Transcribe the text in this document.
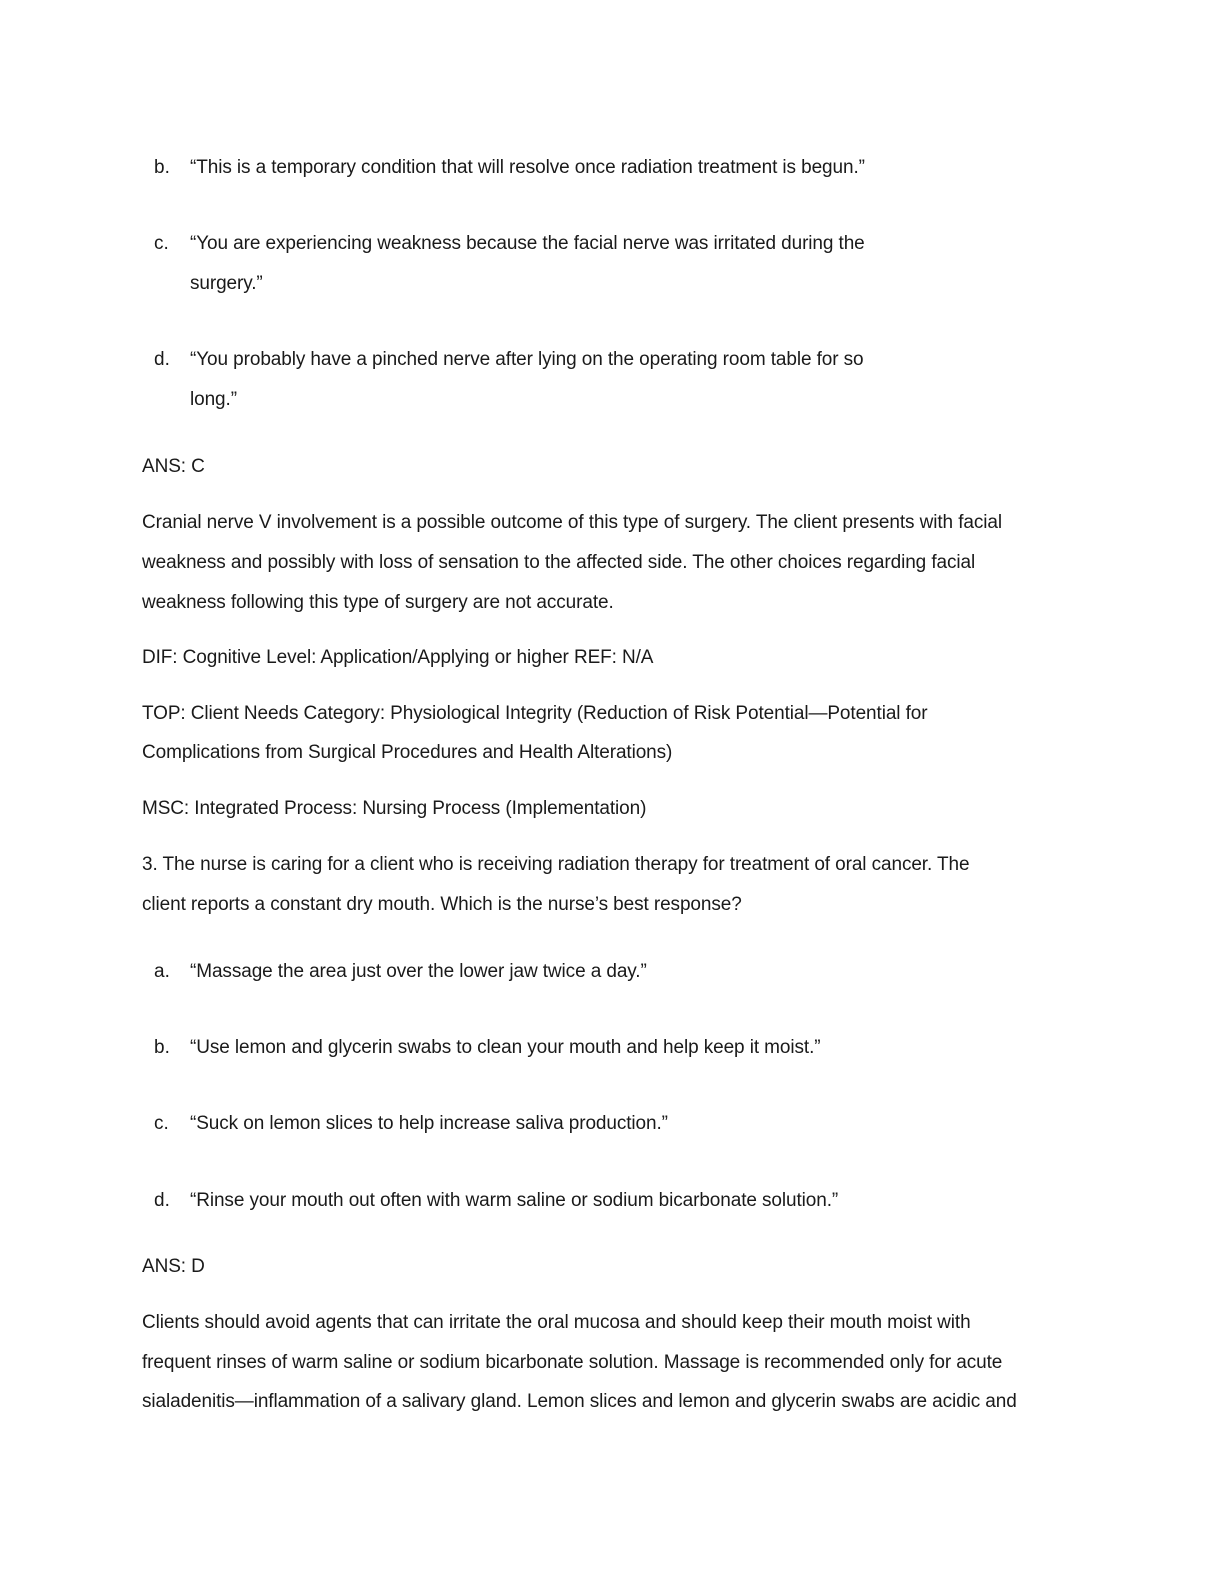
b. “This is a temporary condition that will resolve once radiation treatment is begun.”
c. “You are experiencing weakness because the facial nerve was irritated during the
surgery.”
d. “You probably have a pinched nerve after lying on the operating room table for so
long.”
ANS: C
Cranial nerve V involvement is a possible outcome of this type of surgery. The client presents with facial
weakness and possibly with loss of sensation to the affected side. The other choices regarding facial
weakness following this type of surgery are not accurate.
DIF: Cognitive Level: Application/Applying or higher REF: N/A
TOP: Client Needs Category: Physiological Integrity (Reduction of Risk Potential—Potential for
Complications from Surgical Procedures and Health Alterations)
MSC: Integrated Process: Nursing Process (Implementation)
3. The nurse is caring for a client who is receiving radiation therapy for treatment of oral cancer. The
client reports a constant dry mouth. Which is the nurse’s best response?
a. “Massage the area just over the lower jaw twice a day.”
b. “Use lemon and glycerin swabs to clean your mouth and help keep it moist.”
c. “Suck on lemon slices to help increase saliva production.”
d. “Rinse your mouth out often with warm saline or sodium bicarbonate solution.”
ANS: D
Clients should avoid agents that can irritate the oral mucosa and should keep their mouth moist with
frequent rinses of warm saline or sodium bicarbonate solution. Massage is recommended only for acute
sialadenitis—inflammation of a salivary gland. Lemon slices and lemon and glycerin swabs are acidic and
